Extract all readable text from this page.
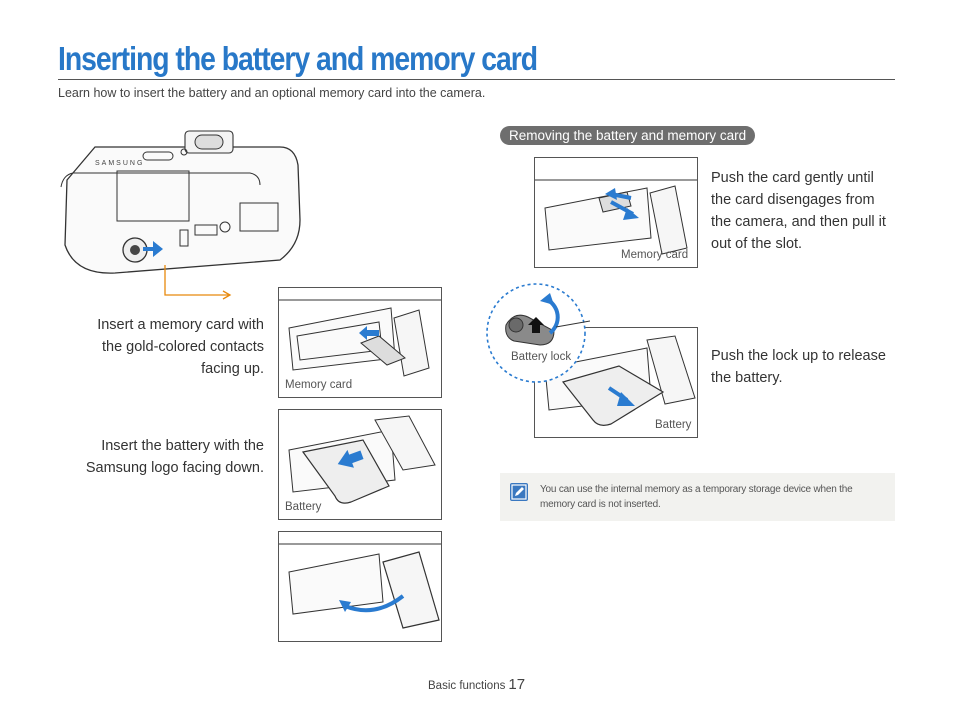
Inserting the battery and memory card
Learn how to insert the battery and an optional memory card into the camera.
SAMSUNG
Insert a memory card with the gold-colored contacts facing up.
Memory card
Insert the battery with the Samsung logo facing down.
Battery
Removing the battery and memory card
Memory card
Push the card gently until the card disengages from the camera, and then pull it out of the slot.
Battery
Battery lock	Push the lock up to release the battery.
You can use the internal memory as a temporary storage device when the memory card is not inserted.
Basic functions 17
